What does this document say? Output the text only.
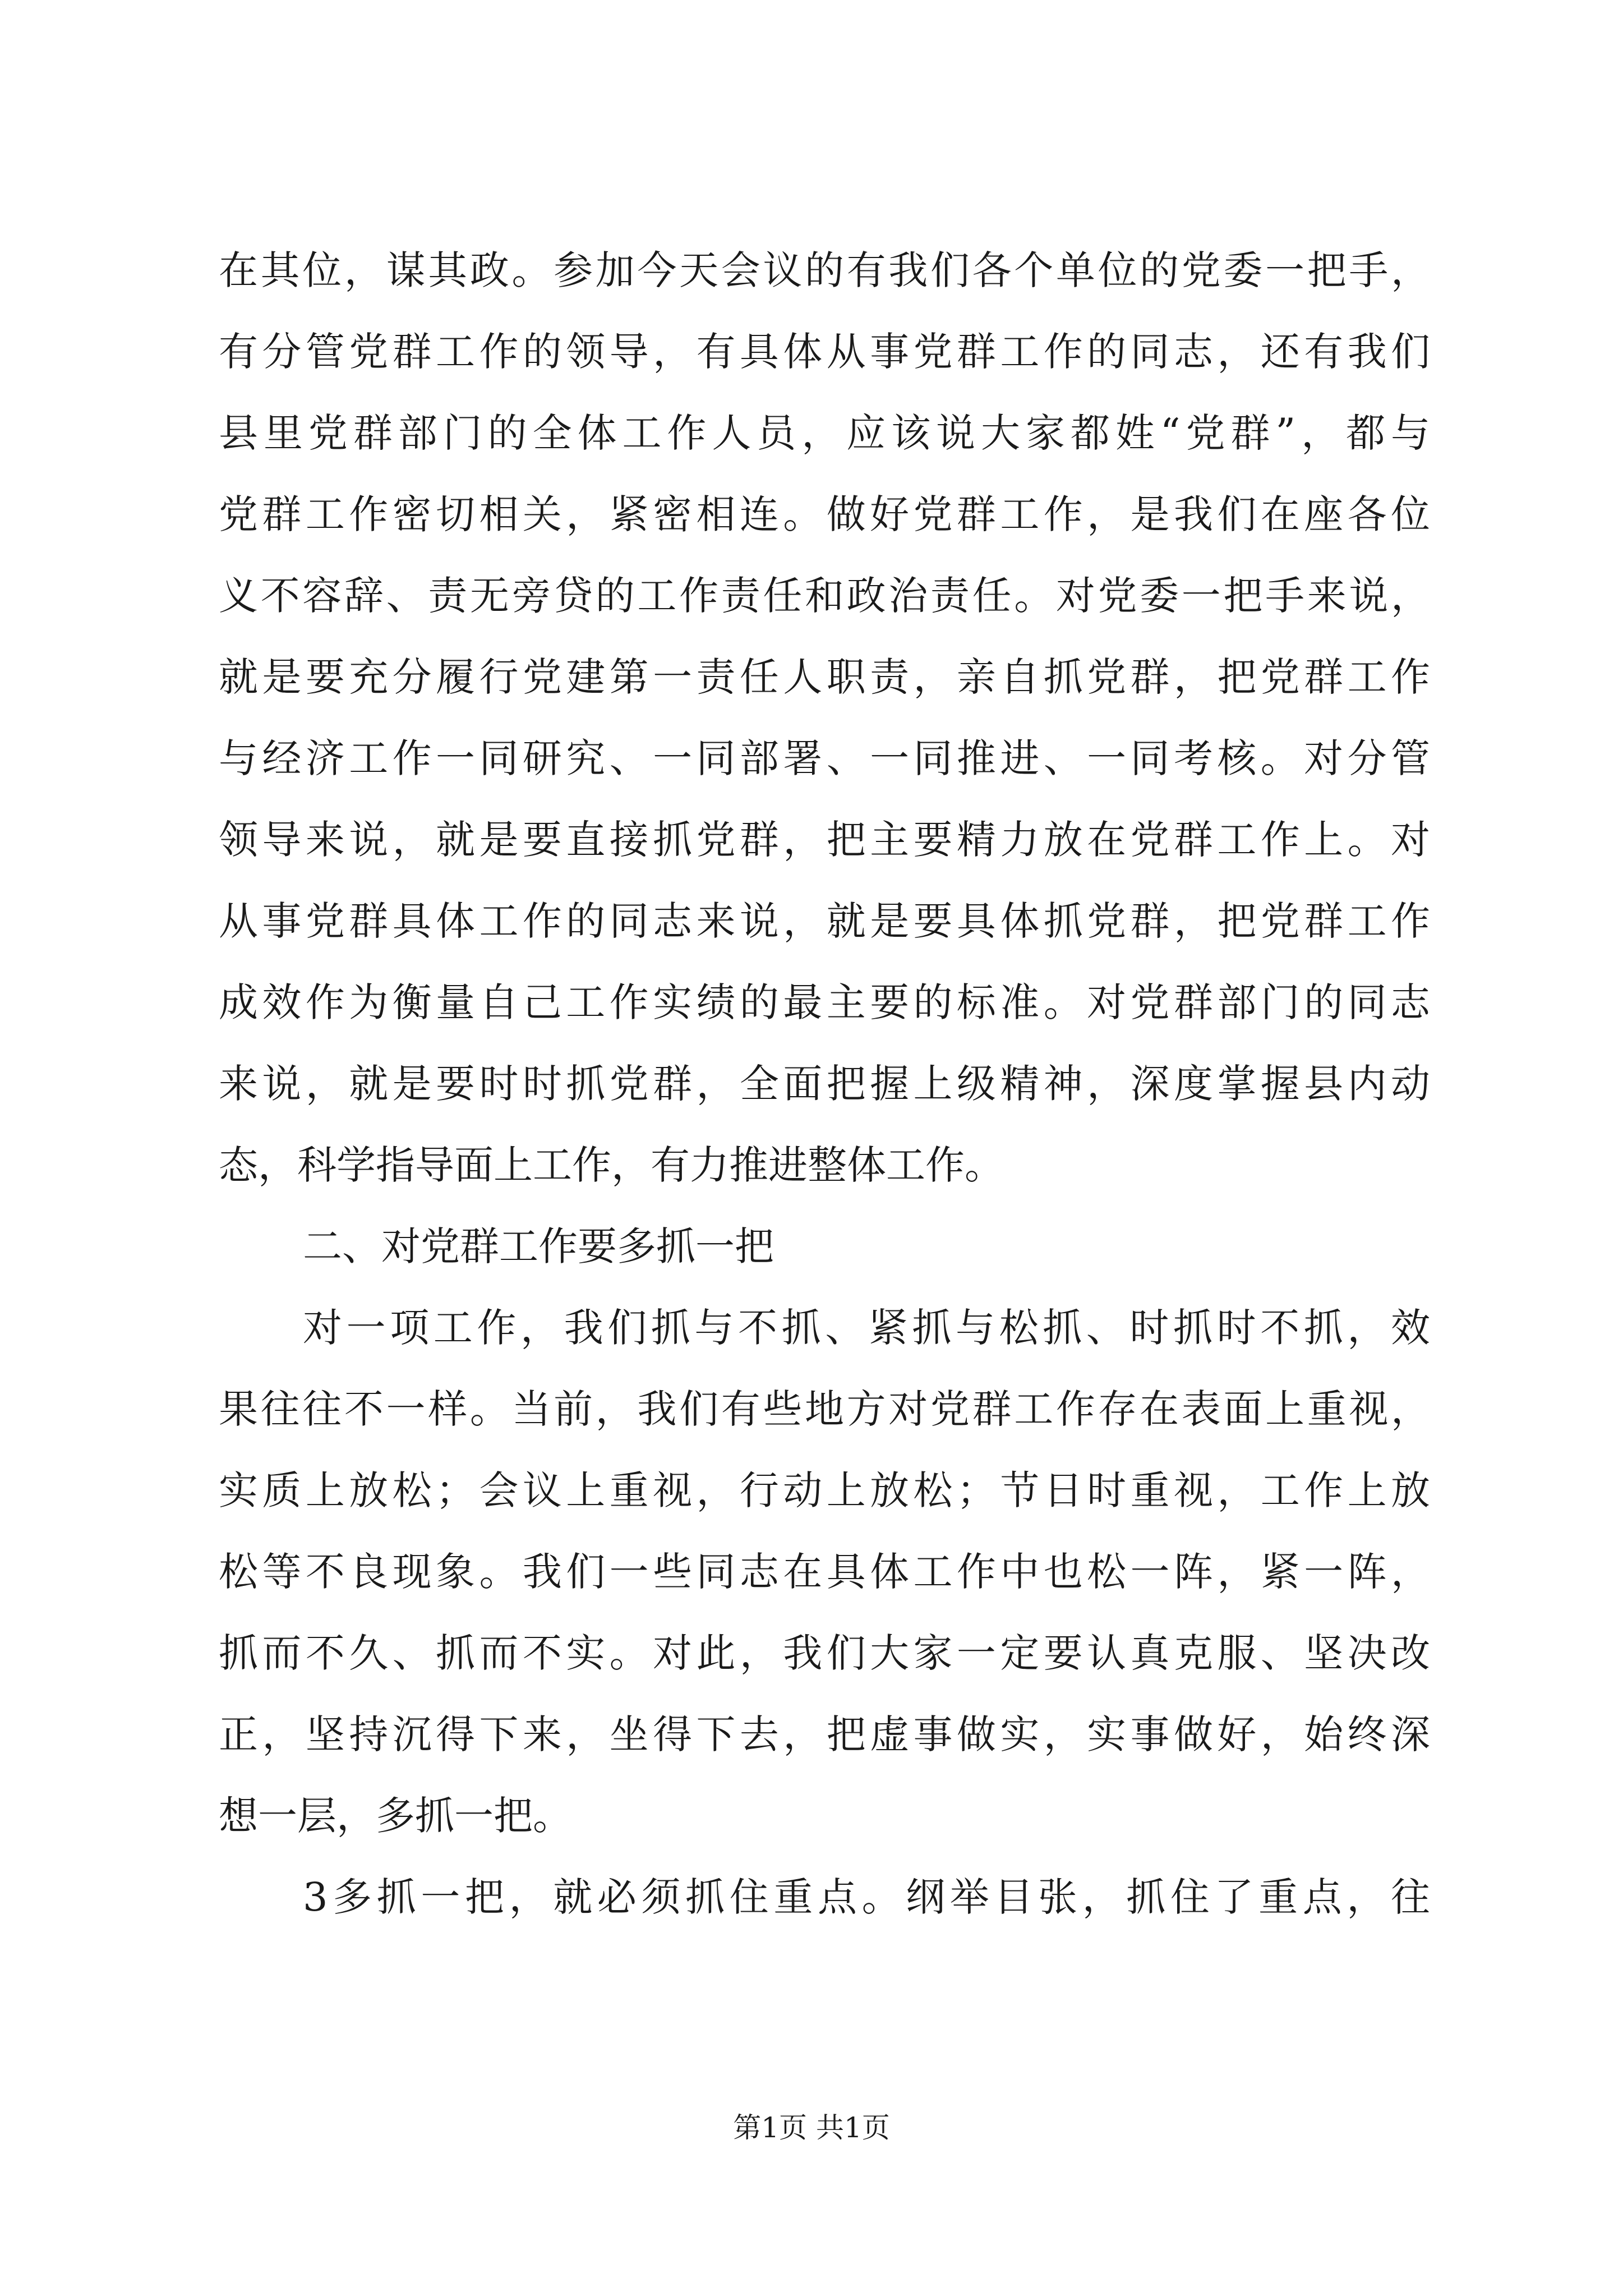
在其位，谋其政。参加今天会议的有我们各个单位的党委一把手，
有分管党群工作的领导，有具体从事党群工作的同志，还有我们
县里党群部门的全体工作人员，应该说大家都姓“党群”，都与
党群工作密切相关，紧密相连。做好党群工作，是我们在座各位
义不容辞、责无旁贷的工作责任和政治责任。对党委一把手来说，
就是要充分履行党建第一责任人职责，亲自抓党群，把党群工作
与经济工作一同研究、一同部署、一同推进、一同考核。对分管
领导来说，就是要直接抓党群，把主要精力放在党群工作上。对
从事党群具体工作的同志来说，就是要具体抓党群，把党群工作
成效作为衡量自己工作实绩的最主要的标准。对党群部门的同志
来说，就是要时时抓党群，全面把握上级精神，深度掌握县内动
态，科学指导面上工作，有力推进整体工作。
二、对党群工作要多抓一把
对一项工作，我们抓与不抓、紧抓与松抓、时抓时不抓，效
果往往不一样。当前，我们有些地方对党群工作存在表面上重视，
实质上放松；会议上重视，行动上放松；节日时重视，工作上放
松等不良现象。我们一些同志在具体工作中也松一阵，紧一阵，
抓而不久、抓而不实。对此，我们大家一定要认真克服、坚决改
正，坚持沉得下来，坐得下去，把虚事做实，实事做好，始终深
想一层，多抓一把。
3多抓一把，就必须抓住重点。纲举目张，抓住了重点，往
第1页 共1页
